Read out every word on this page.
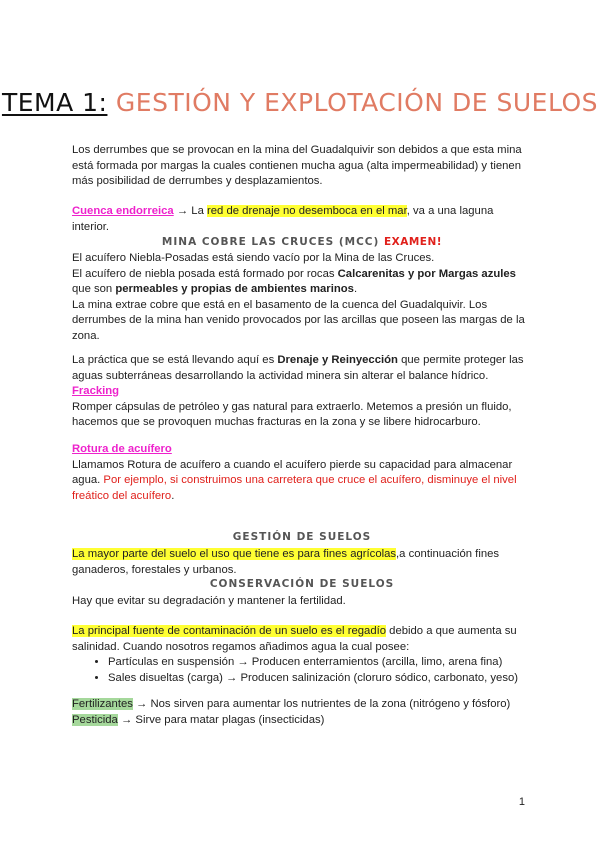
TEMA 1: GESTIÓN Y EXPLOTACIÓN DE SUELOS
Los derrumbes que se provocan en la mina del Guadalquivir son debidos a que esta mina está formada por margas la cuales contienen mucha agua (alta impermeabilidad) y tienen más posibilidad de derrumbes y desplazamientos.
Cuenca endorreica → La red de drenaje no desemboca en el mar, va a una laguna interior.
MINA COBRE LAS CRUCES (MCC) EXAMEN!
El acuífero Niebla-Posadas está siendo vacío por la Mina de las Cruces.
El acuífero de niebla posada está formado por rocas Calcarenitas y por Margas azules que son permeables y propias de ambientes marinos.
La mina extrae cobre que está en el basamento de la cuenca del Guadalquivir. Los derrumbes de la mina han venido provocados por las arcillas que poseen las margas de la zona.
La práctica que se está llevando aquí es Drenaje y Reinyección que permite proteger las aguas subterráneas desarrollando la actividad minera sin alterar el balance hídrico.
Fracking
Romper cápsulas de petróleo y gas natural para extraerlo. Metemos a presión un fluido, hacemos que se provoquen muchas fracturas en la zona y se libere hidrocarburo.
Rotura de acuífero
Llamamos Rotura de acuífero a cuando el acuífero pierde su capacidad para almacenar agua. Por ejemplo, si construimos una carretera que cruce el acuífero, disminuye el nivel freático del acuífero.
GESTIÓN DE SUELOS
La mayor parte del suelo el uso que tiene es para fines agrícolas,a continuación fines ganaderos, forestales y urbanos.
CONSERVACIÓN DE SUELOS
Hay que evitar su degradación y mantener la fertilidad.
La principal fuente de contaminación de un suelo es el regadío debido a que aumenta su salinidad. Cuando nosotros regamos añadimos agua la cual posee:
• Partículas en suspensión → Producen enterramientos (arcilla, limo, arena fina)
• Sales disueltas (carga) → Producen salinización (cloruro sódico, carbonato, yeso)
Fertilizantes → Nos sirven para aumentar los nutrientes de la zona (nitrógeno y fósforo)
Pesticida → Sirve para matar plagas (insecticidas)
1
